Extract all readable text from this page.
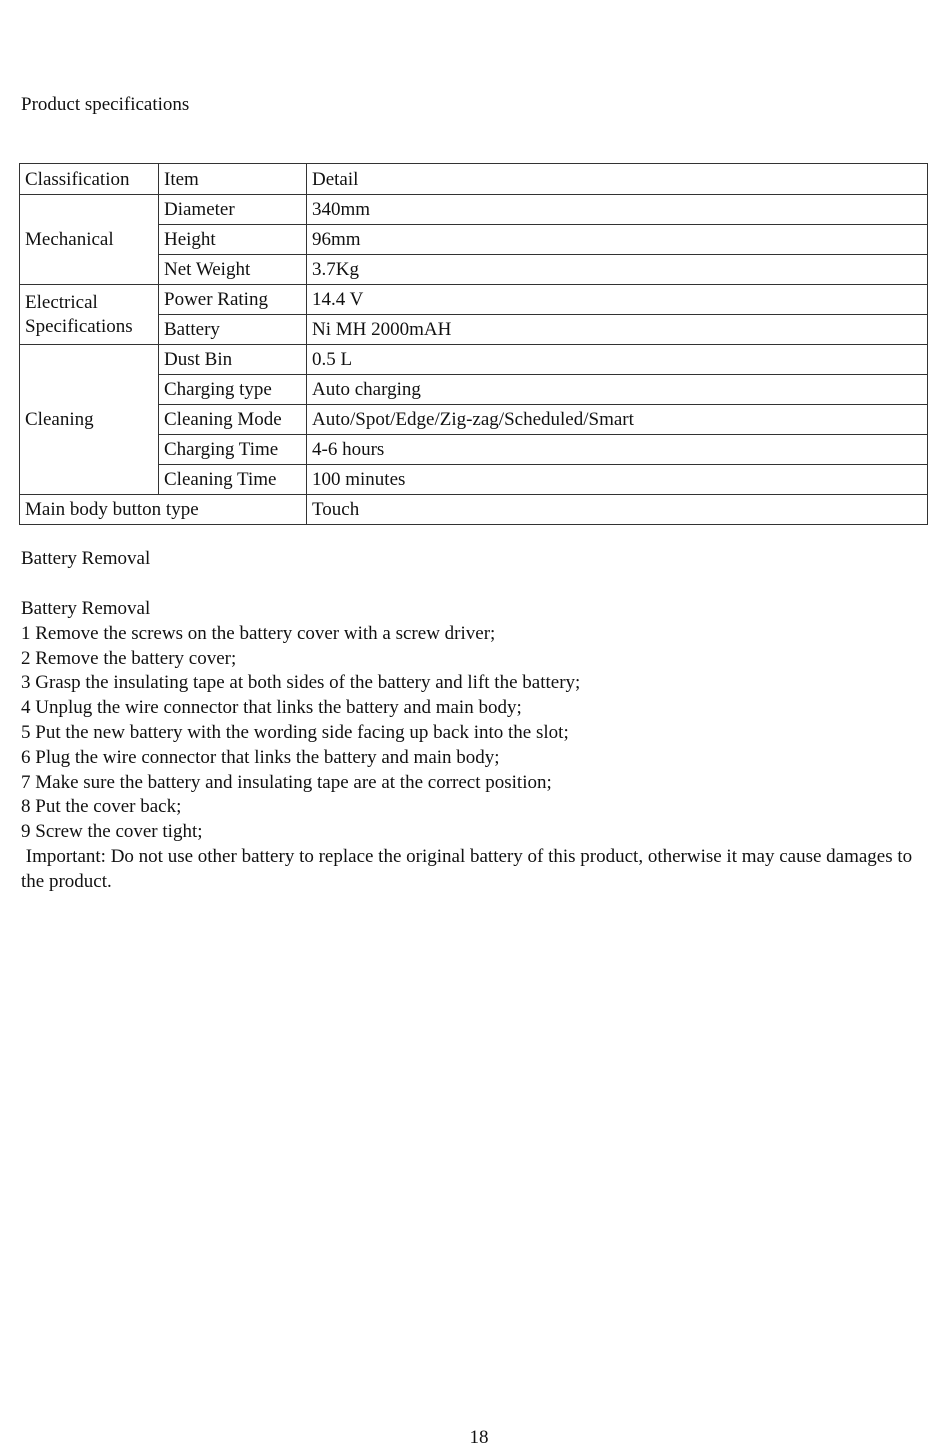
Product specifications
Classification	Item	Detail
Mechanical	Diameter	340mm
	Height	96mm
	Net Weight	3.7Kg
Electrical Specifications	Power Rating	14.4 V
	Battery	Ni MH 2000mAH
Cleaning	Dust Bin	0.5 L
	Charging type	Auto charging
	Cleaning Mode	Auto/Spot/Edge/Zig-zag/Scheduled/Smart
	Charging Time	4-6 hours
	Cleaning Time	100 minutes
Main body button type		Touch
Battery Removal
Battery Removal
1 Remove the screws on the battery cover with a screw driver;
2 Remove the battery cover;
3 Grasp the insulating tape at both sides of the battery and lift the battery;
4 Unplug the wire connector that links the battery and main body;
5 Put the new battery with the wording side facing up back into the slot;
6 Plug the wire connector that links the battery and main body;
7 Make sure the battery and insulating tape are at the correct position;
8 Put the cover back;
9 Screw the cover tight;
Important: Do not use other battery to replace the original battery of this product, otherwise it may cause damages to the product.
18
